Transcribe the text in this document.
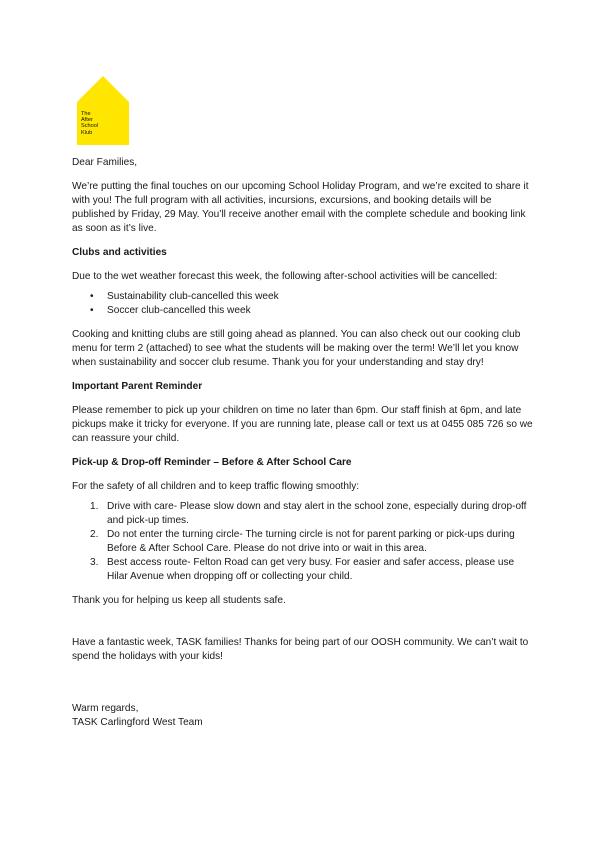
The
After
School
Klub

Dear Families,

We’re putting the final touches on our upcoming School Holiday Program, and we’re excited to share it with you! The full program with all activities, incursions, excursions, and booking details will be published by Friday, 29 May. You’ll receive another email with the complete schedule and booking link as soon as it’s live.

Clubs and activities

Due to the wet weather forecast this week, the following after-school activities will be cancelled:

• Sustainability club-cancelled this week
• Soccer club-cancelled this week

Cooking and knitting clubs are still going ahead as planned. You can also check out our cooking club menu for term 2 (attached) to see what the students will be making over the term! We’ll let you know when sustainability and soccer club resume. Thank you for your understanding and stay dry!

Important Parent Reminder

Please remember to pick up your children on time no later than 6pm. Our staff finish at 6pm, and late pickups make it tricky for everyone. If you are running late, please call or text us at 0455 085 726 so we can reassure your child.

Pick-up & Drop-off Reminder – Before & After School Care

For the safety of all children and to keep traffic flowing smoothly:

1. Drive with care- Please slow down and stay alert in the school zone, especially during drop-off and pick-up times.
2. Do not enter the turning circle- The turning circle is not for parent parking or pick-ups during Before & After School Care. Please do not drive into or wait in this area.
3. Best access route- Felton Road can get very busy. For easier and safer access, please use Hilar Avenue when dropping off or collecting your child.

Thank you for helping us keep all students safe.

Have a fantastic week, TASK families! Thanks for being part of our OOSH community. We can’t wait to spend the holidays with your kids!

Warm regards,

TASK Carlingford West Team
